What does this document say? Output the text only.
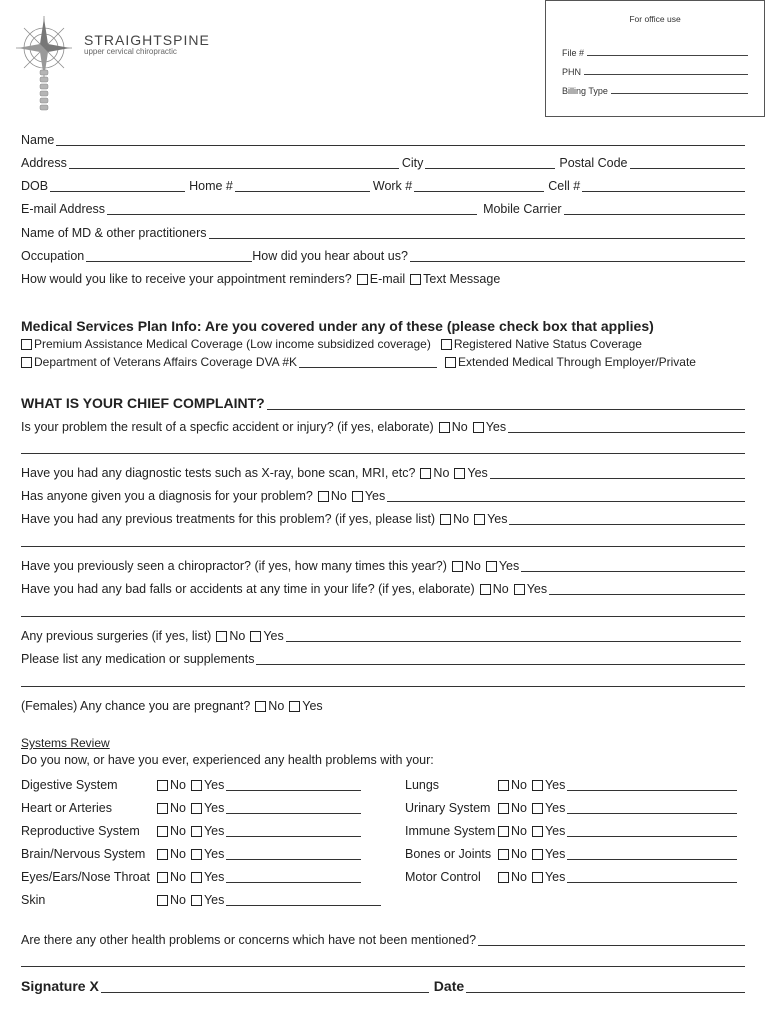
STRAIGHTSPINE
upper cervical chiropractic
For office use
File #
PHN
Billing Type
Name
Address	City	Postal Code
DOB	Home #	Work #	Cell #
E-mail Address	Mobile Carrier
Name of MD & other practitioners
Occupation	How did you hear about us?
How would you like to receive your appointment reminders? E-mail Text Message
Medical Services Plan Info: Are you covered under any of these (please check box that applies)
Premium Assistance Medical Coverage (Low income subsidized coverage) Registered Native Status Coverage
Department of Veterans Affairs Coverage DVA #K	Extended Medical Through Employer/Private
WHAT IS YOUR CHIEF COMPLAINT?
Is your problem the result of a specfic accident or injury? (if yes, elaborate) No Yes
Have you had any diagnostic tests such as X-ray, bone scan, MRI, etc? No Yes
Has anyone given you a diagnosis for your problem? No Yes
Have you had any previous treatments for this problem? (if yes, please list) No Yes
Have you previously seen a chiropractor? (if yes, how many times this year?) No Yes
Have you had any bad falls or accidents at any time in your life? (if yes, elaborate) No Yes
Any previous surgeries (if yes, list) No Yes
Please list any medication or supplements
(Females) Any chance you are pregnant? No Yes
Systems Review
Do you now, or have you ever, experienced any health problems with your:
Digestive System	No Yes	Lungs	No Yes
Heart or Arteries	No Yes	Urinary System No Yes
Reproductive System No Yes	Immune System No Yes
Brain/Nervous System No Yes	Bones or Joints No Yes
Eyes/Ears/Nose Throat No Yes	Motor Control No Yes
Skin	No Yes
Are there any other health problems or concerns which have not been mentioned?
Signature X	Date
